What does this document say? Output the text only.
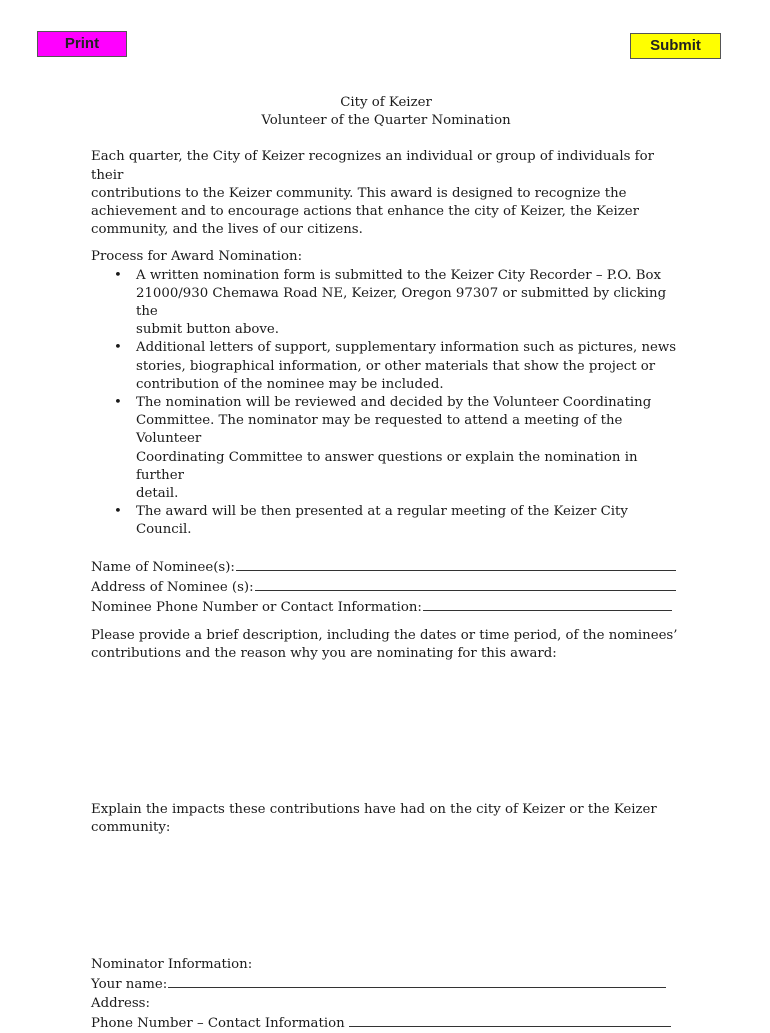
Print	Submit

City of Keizer

Volunteer of the Quarter Nomination

Each quarter, the City of Keizer recognizes an individual or group of individuals for their

contributions to the Keizer community. This award is designed to recognize the

achievement and to encourage actions that enhance the city of Keizer, the Keizer

community, and the lives of our citizens.

Process for Award Nomination:

• A written nomination form is submitted to the Keizer City Recorder – P.O. Box

21000/930 Chemawa Road NE, Keizer, Oregon 97307 or submitted by clicking the

submit button above.

• Additional letters of support, supplementary information such as pictures, news

stories, biographical information, or other materials that show the project or

contribution of the nominee may be included.

• The nomination will be reviewed and decided by the Volunteer Coordinating

Committee. The nominator may be requested to attend a meeting of the Volunteer

Coordinating Committee to answer questions or explain the nomination in further

detail.

• The award will be then presented at a regular meeting of the Keizer City Council.

Name of Nominee(s):
Address of Nominee (s):
Nominee Phone Number or Contact Information:

Please provide a brief description, including the dates or time period, of the nominees’

contributions and the reason why you are nominating for this award:

Explain the impacts these contributions have had on the city of Keizer or the Keizer

community:

Nominator Information:

Your name:

Address:

Phone Number – Contact Information
